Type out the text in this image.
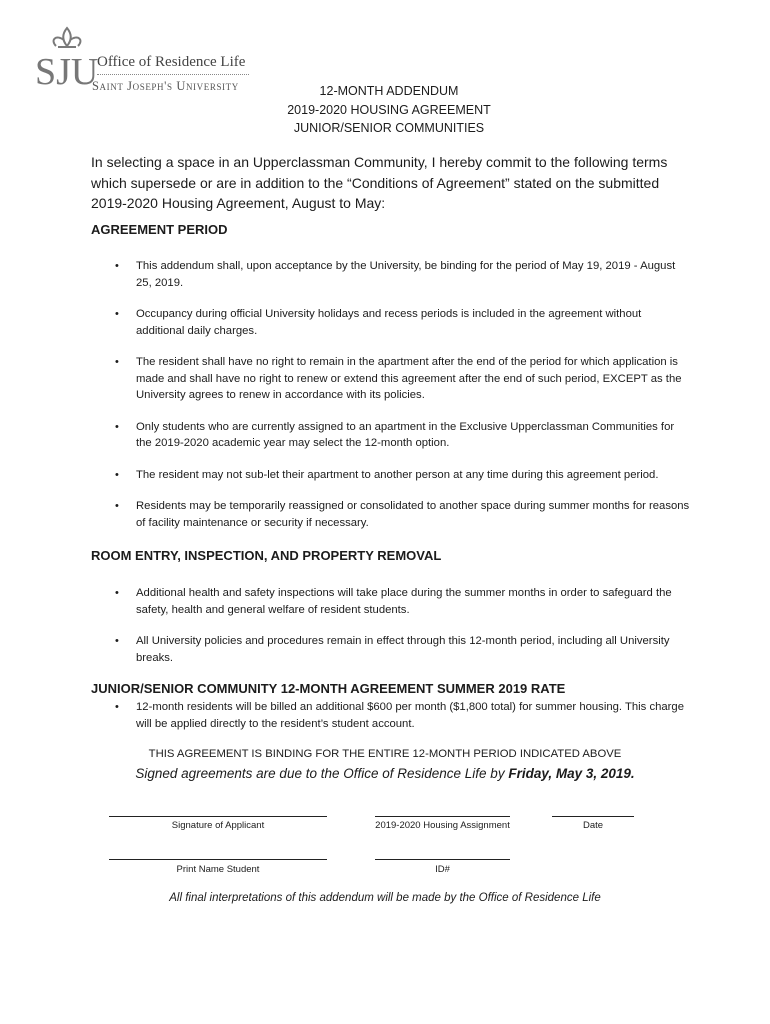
SJU
Office of Residence Life
Saint Joseph's University	12-MONTH ADDENDUM
2019-2020 HOUSING AGREEMENT
JUNIOR/SENIOR COMMUNITIES
In selecting a space in an Upperclassman Community, I hereby commit to the following terms which supersede or are in addition to the “Conditions of Agreement” stated on the submitted 2019-2020 Housing Agreement, August to May:
AGREEMENT PERIOD
• This addendum shall, upon acceptance by the University, be binding for the period of May 19, 2019 - August 25, 2019.
• Occupancy during official University holidays and recess periods is included in the agreement without additional daily charges.
• The resident shall have no right to remain in the apartment after the end of the period for which application is made and shall have no right to renew or extend this agreement after the end of such period, EXCEPT as the University agrees to renew in accordance with its policies.
• Only students who are currently assigned to an apartment in the Exclusive Upperclassman Communities for the 2019-2020 academic year may select the 12-month option.
• The resident may not sub-let their apartment to another person at any time during this agreement period.
• Residents may be temporarily reassigned or consolidated to another space during summer months for reasons of facility maintenance or security if necessary.
ROOM ENTRY, INSPECTION, AND PROPERTY REMOVAL
• Additional health and safety inspections will take place during the summer months in order to safeguard the safety, health and general welfare of resident students.
• All University policies and procedures remain in effect through this 12-month period, including all University breaks.
JUNIOR/SENIOR COMMUNITY 12-MONTH AGREEMENT SUMMER 2019 RATE
• 12-month residents will be billed an additional $600 per month ($1,800 total) for summer housing. This charge will be applied directly to the resident’s student account.
THIS AGREEMENT IS BINDING FOR THE ENTIRE 12-MONTH PERIOD INDICATED ABOVE
Signed agreements are due to the Office of Residence Life by Friday, May 3, 2019.
Signature of Applicant	2019-2020 Housing Assignment	Date
Print Name Student	ID#
All final interpretations of this addendum will be made by the Office of Residence Life
